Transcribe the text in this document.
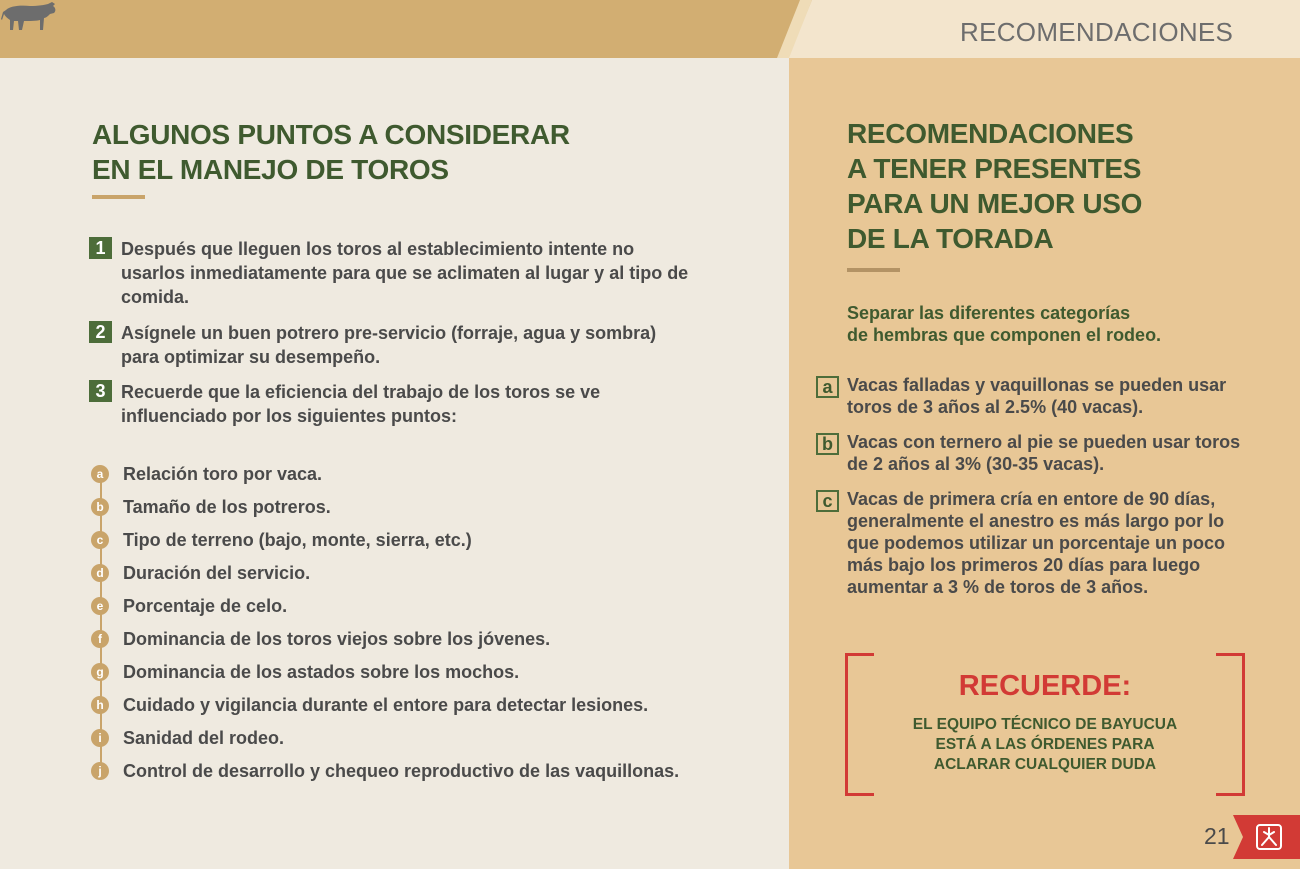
RECOMENDACIONES
ALGUNOS PUNTOS A CONSIDERAR
EN EL MANEJO DE TOROS
1 Después que lleguen los toros al establecimiento intente no usarlos inmediatamente para que se aclimaten al lugar y al tipo de comida.
2 Asígnele un buen potrero pre-servicio (forraje, agua y sombra) para optimizar su desempeño.
3 Recuerde que la eficiencia del trabajo de los toros se ve influenciado por los siguientes puntos:
a	Relación toro por vaca.
b Tamaño de los potreros.
c	Tipo de terreno (bajo, monte, sierra, etc.)
d Duración del servicio.
e	Porcentaje de celo.
f	Dominancia de los toros viejos sobre los jóvenes.
g Dominancia de los astados sobre los mochos.
h Cuidado y vigilancia durante el entore para detectar lesiones.
i	Sanidad del rodeo.
j	Control de desarrollo y chequeo reproductivo de las vaquillonas.
RECOMENDACIONES
A TENER PRESENTES
PARA UN MEJOR USO
DE LA TORADA
Separar las diferentes categorías
de hembras que componen el rodeo.
a Vacas falladas y vaquillonas se pueden usar toros de 3 años al 2.5% (40 vacas).
b Vacas con ternero al pie se pueden usar toros de 2 años al 3% (30-35 vacas).
c Vacas de primera cría en entore de 90 días, generalmente el anestro es más largo por lo que podemos utilizar un porcentaje un poco más bajo los primeros 20 días para luego aumentar a 3 % de toros de 3 años.
RECUERDE:
EL EQUIPO TÉCNICO DE BAYUCUA
ESTÁ A LAS ÓRDENES PARA
ACLARAR CUALQUIER DUDA
21
